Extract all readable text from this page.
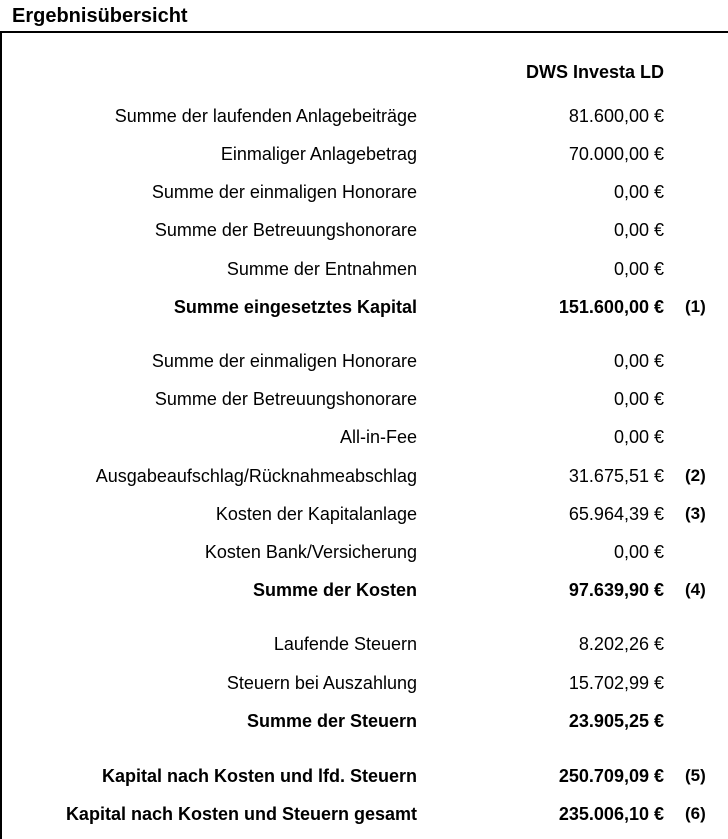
Ergebnisübersicht
DWS Investa LD
Summe der laufenden Anlagebeiträge	81.600,00 €
Einmaliger Anlagebetrag	70.000,00 €
Summe der einmaligen Honorare	0,00 €
Summe der Betreuungshonorare	0,00 €
Summe der Entnahmen	0,00 €
Summe eingesetztes Kapital	151.600,00 € (1)
Summe der einmaligen Honorare	0,00 €
Summe der Betreuungshonorare	0,00 €
All-in-Fee	0,00 €
Ausgabeaufschlag/Rücknahmeabschlag	31.675,51 € (2)
Kosten der Kapitalanlage	65.964,39 € (3)
Kosten Bank/Versicherung	0,00 €
Summe der Kosten	97.639,90 € (4)
Laufende Steuern	8.202,26 €
Steuern bei Auszahlung	15.702,99 €
Summe der Steuern	23.905,25 €
Kapital nach Kosten und lfd. Steuern	250.709,09 € (5)
Kapital nach Kosten und Steuern gesamt	235.006,10 € (6)
